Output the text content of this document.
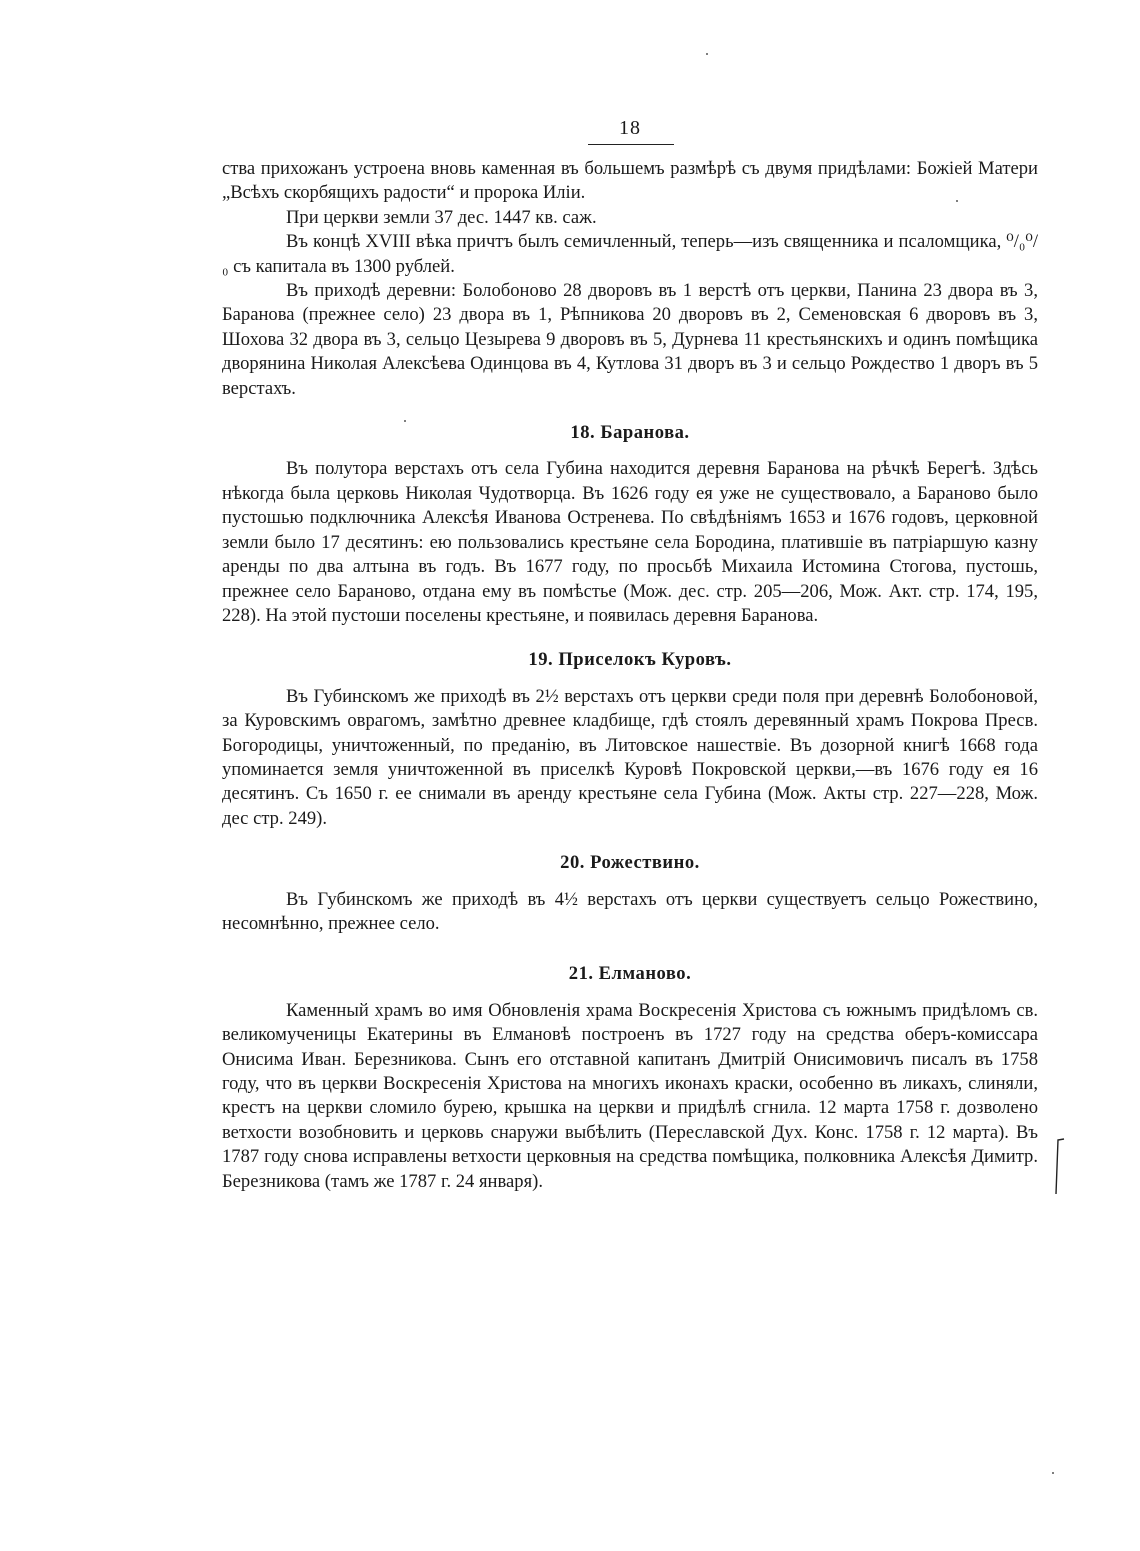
18

ства прихожанъ устроена вновь каменная въ большемъ размѣрѣ съ двумя придѣлами: Божіей Матери „Всѣхъ скорбящихъ радости“ и пророка Иліи.

При церкви земли 37 дес. 1447 кв. саж.

Въ концѣ XVIII вѣка причтъ былъ семичленный, теперь—изъ священника и псаломщика, ⁰/₀⁰/₀ съ капитала въ 1300 рублей.

Въ приходѣ деревни: Болобоново 28 дворовъ въ 1 верстѣ отъ церкви, Панина 23 двора въ 3, Баранова (прежнее село) 23 двора въ 1, Рѣпникова 20 дворовъ въ 2, Семеновская 6 дворовъ въ 3, Шохова 32 двора въ 3, сельцо Цезырева 9 дворовъ въ 5, Дурнева 11 крестьянскихъ и одинъ помѣщика дворянина Николая Алексѣева Одинцова въ 4, Кутлова 31 дворъ въ 3 и сельцо Рождество 1 дворъ въ 5 верстахъ.

18. Баранова.

Въ полутора верстахъ отъ села Губина находится деревня Баранова на рѣчкѣ Берегѣ. Здѣсь нѣкогда была церковь Николая Чудотворца. Въ 1626 году ея уже не существовало, а Бараново было пустошью подключника Алексѣя Иванова Остренева. По свѣдѣніямъ 1653 и 1676 годовъ, церковной земли было 17 десятинъ: ею пользовались крестьяне села Бородина, платившіе въ патріаршую казну аренды по два алтына въ годъ. Въ 1677 году, по просьбѣ Михаила Истомина Стогова, пустошь, прежнее село Бараново, отдана ему въ помѣстье (Мож. дес. стр. 205—206, Мож. Акт. стр. 174, 195, 228). На этой пустоши поселены крестьяне, и появилась деревня Баранова.

19. Приселокъ Куровъ.

Въ Губинскомъ же приходѣ въ 2½ верстахъ отъ церкви среди поля при деревнѣ Болобоновой, за Куровскимъ оврагомъ, замѣтно древнее кладбище, гдѣ стоялъ деревянный храмъ Покрова Пресв. Богородицы, уничтоженный, по преданію, въ Литовское нашествіе. Въ дозорной книгѣ 1668 года упоминается земля уничтоженной въ приселкѣ Куровѣ Покровской церкви,—въ 1676 году ея 16 десятинъ. Съ 1650 г. ее снимали въ аренду крестьяне села Губина (Мож. Акты стр. 227—228, Мож. дес стр. 249).

20. Рожествино.

Въ Губинскомъ же приходѣ въ 4½ верстахъ отъ церкви существуетъ сельцо Рожествино, несомнѣнно, прежнее село.

21. Елманово.

Каменный храмъ во имя Обновленія храма Воскресенія Христова съ южнымъ придѣломъ св. великомученицы Екатерины въ Елмановѣ построенъ въ 1727 году на средства оберъ-комиссара Онисима Иван. Березникова. Сынъ его отставной капитанъ Дмитрій Онисимовичъ писалъ въ 1758 году, что въ церкви Воскресенія Христова на многихъ иконахъ краски, особенно въ ликахъ, слиняли, крестъ на церкви сломило бурею, крышка на церкви и придѣлѣ сгнила. 12 марта 1758 г. дозволено ветхости возобновить и церковь снаружи выбѣлить (Переславской Дух. Конс. 1758 г. 12 марта). Въ 1787 году снова исправлены ветхости церковныя на средства помѣщика, полковника Алексѣя Димитр. Березникова (тамъ же 1787 г. 24 января).
